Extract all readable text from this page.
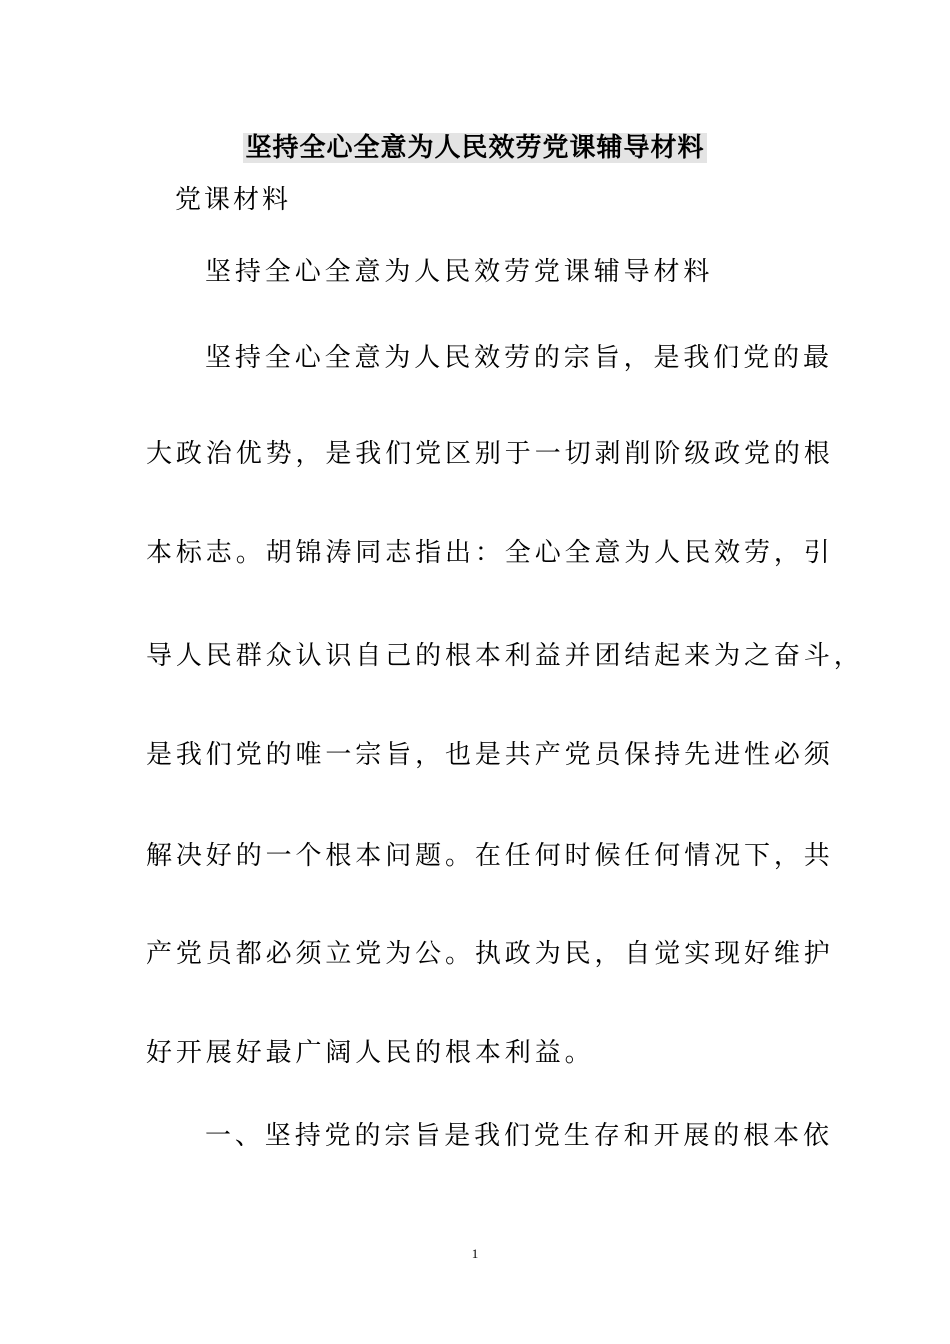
坚持全心全意为人民效劳党课辅导材料
党课材料
坚持全心全意为人民效劳党课辅导材料
坚持全心全意为人民效劳的宗旨，是我们党的最
大政治优势，是我们党区别于一切剥削阶级政党的根
本标志。胡锦涛同志指出：全心全意为人民效劳，引
导人民群众认识自己的根本利益并团结起来为之奋斗，
是我们党的唯一宗旨，也是共产党员保持先进性必须
解决好的一个根本问题。在任何时候任何情况下，共
产党员都必须立党为公。执政为民，自觉实现好维护
好开展好最广阔人民的根本利益。
一、坚持党的宗旨是我们党生存和开展的根本依
1
